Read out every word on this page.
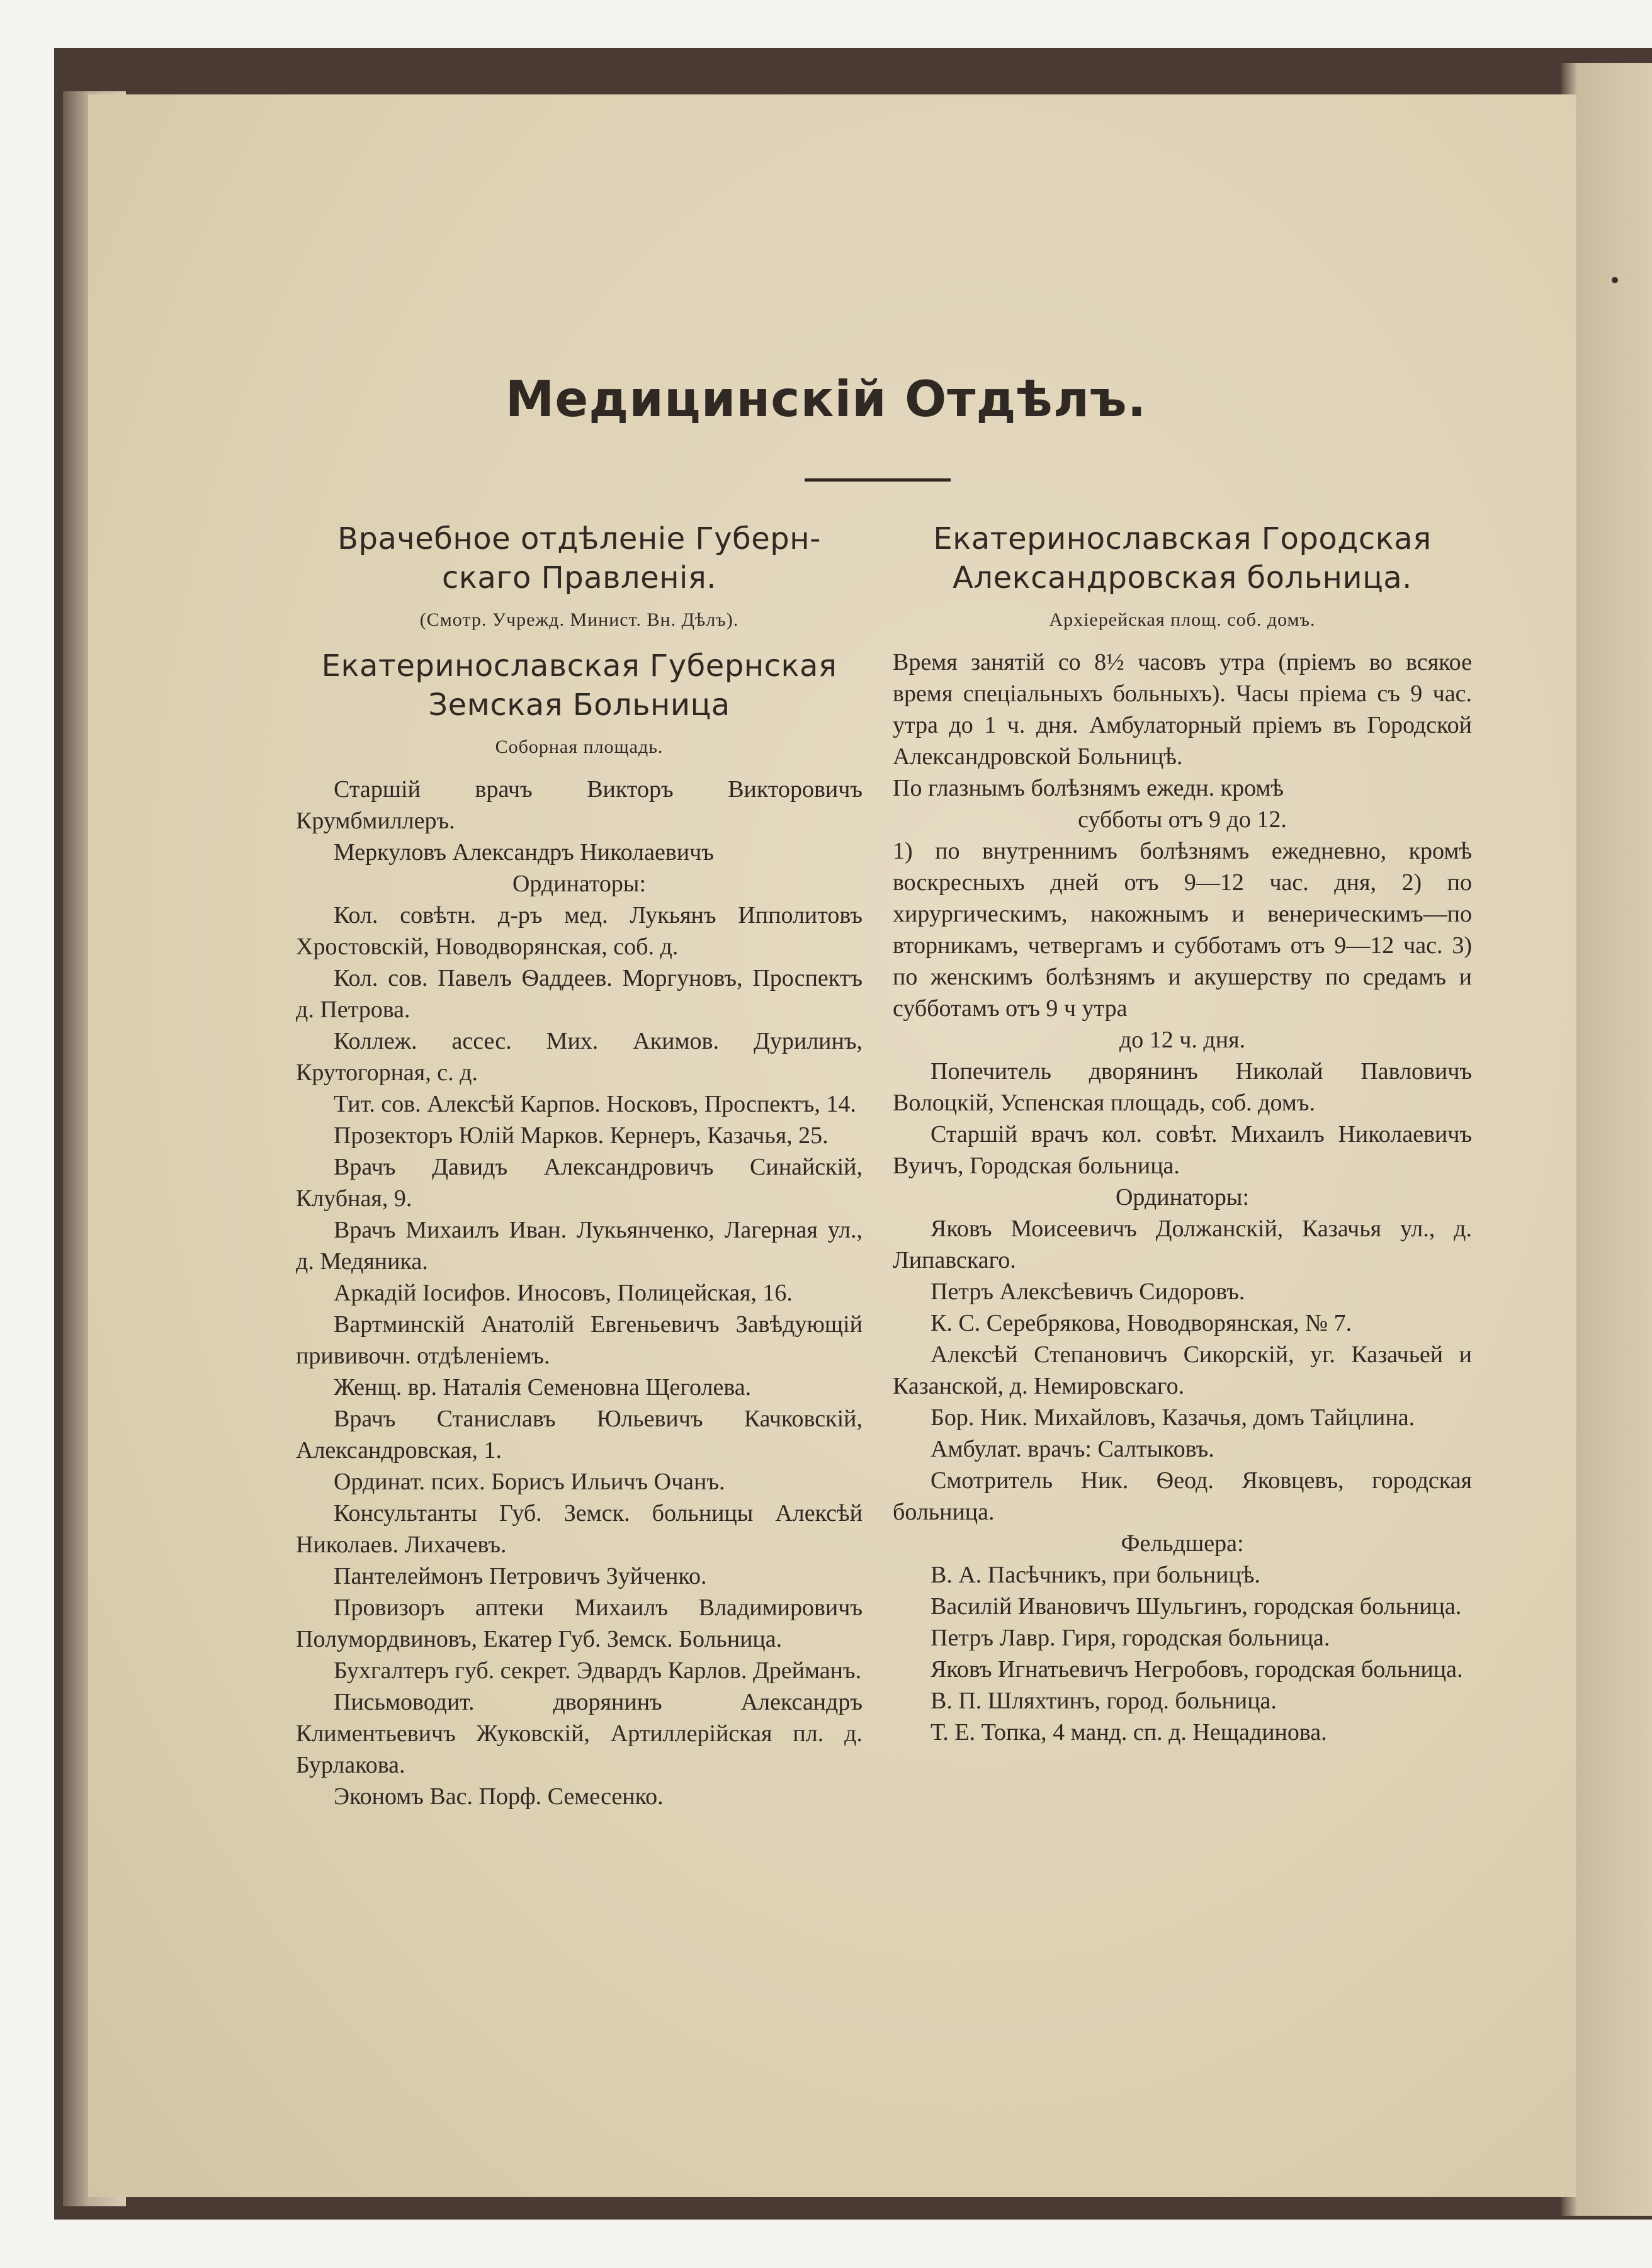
Медицинскій Отдѣлъ.
Врачебное отдѣленіе Губерн-скаго Правленія.
(Смотр. Учрежд. Минист. Вн. Дѣлъ).
Екатеринославская Губернская Земская Больница
Соборная площадь.

Старшій врачъ Викторъ Викторовичъ Крумбмиллеръ.

Меркуловъ Александръ Николаевичъ

Ординаторы:

Кол. совѣтн. д-ръ мед. Лукьянъ Ипполитовъ Хростовскій, Новодворянская, соб. д.

Кол. сов. Павелъ Ѳаддеев. Моргуновъ, Проспектъ д. Петрова.

Коллеж. ассес. Мих. Акимов. Дурилинъ, Крутогорная, с. д.

Тит. сов. Алексѣй Карпов. Носковъ, Проспектъ, 14.

Прозекторъ Юлій Марков. Кернеръ, Казачья, 25.

Врачъ Давидъ Александровичъ Синайскій, Клубная, 9.

Врачъ Михаилъ Иван. Лукьянченко, Лагерная ул., д. Медяника.

Аркадій Іосифов. Иносовъ, Полицейская, 16.

Вартминскій Анатолій Евгеньевичъ Завѣдующій прививочн. отдѣленіемъ.

Женщ. вр. Наталія Семеновна Щеголева.

Врачъ Станиславъ Юльевичъ Качковскій, Александровская, 1.

Ординат. псих. Борисъ Ильичъ Очанъ.

Консультанты Губ. Земск. больницы Алексѣй Николаев. Лихачевъ.

Пантелеймонъ Петровичъ Зуйченко.

Провизоръ аптеки Михаилъ Владимировичъ Полумордвиновъ, Екатер Губ. Земск. Больница.

Бухгалтеръ губ. секрет. Эдвардъ Карлов. Дрейманъ.

Письмоводит. дворянинъ Александръ Климентьевичъ Жуковскій, Артиллерійская пл. д. Бурлакова.

Экономъ Вас. Порф. Семесенко.

Екатеринославская Городская Александровская больница.
Архіерейская площ. соб. домъ.

Время занятій со 8½ часовъ утра (пріемъ во всякое время спеціальныхъ больныхъ). Часы пріема съ 9 час. утра до 1 ч. дня. Амбулаторный пріемъ въ Городской Александровской Больницѣ.

По глазнымъ болѣзнямъ ежедн. кромѣ

субботы отъ 9 до 12.

1) по внутреннимъ болѣзнямъ ежедневно, кромѣ воскресныхъ дней отъ 9—12 час. дня, 2) по хирургическимъ, накожнымъ и венерическимъ—по вторникамъ, четвергамъ и субботамъ отъ 9—12 час. 3) по женскимъ болѣзнямъ и акушерству по средамъ и субботамъ отъ 9 ч утра

до 12 ч. дня.

Попечитель дворянинъ Николай Павловичъ Волоцкій, Успенская площадь, соб. домъ.

Старшій врачъ кол. совѣт. Михаилъ Николаевичъ Вуичъ, Городская больница.

Ординаторы:

Яковъ Моисеевичъ Должанскій, Казачья ул., д. Липавскаго.

Петръ Алексѣевичъ Сидоровъ.

К. С. Серебрякова, Новодворянская, № 7.

Алексѣй Степановичъ Сикорскій, уг. Казачьей и Казанской, д. Немировскаго.

Бор. Ник. Михайловъ, Казачья, домъ Тайцлина.

Амбулат. врачъ: Салтыковъ.

Смотритель Ник. Ѳеод. Яковцевъ, городская больница.

Фельдшера:

В. А. Пасѣчникъ, при больницѣ.

Василій Ивановичъ Шульгинъ, городская больница.

Петръ Лавр. Гиря, городская больница.

Яковъ Игнатьевичъ Негробовъ, городская больница.

В. П. Шляхтинъ, город. больница.

Т. Е. Топка, 4 манд. сп. д. Нещадинова.
